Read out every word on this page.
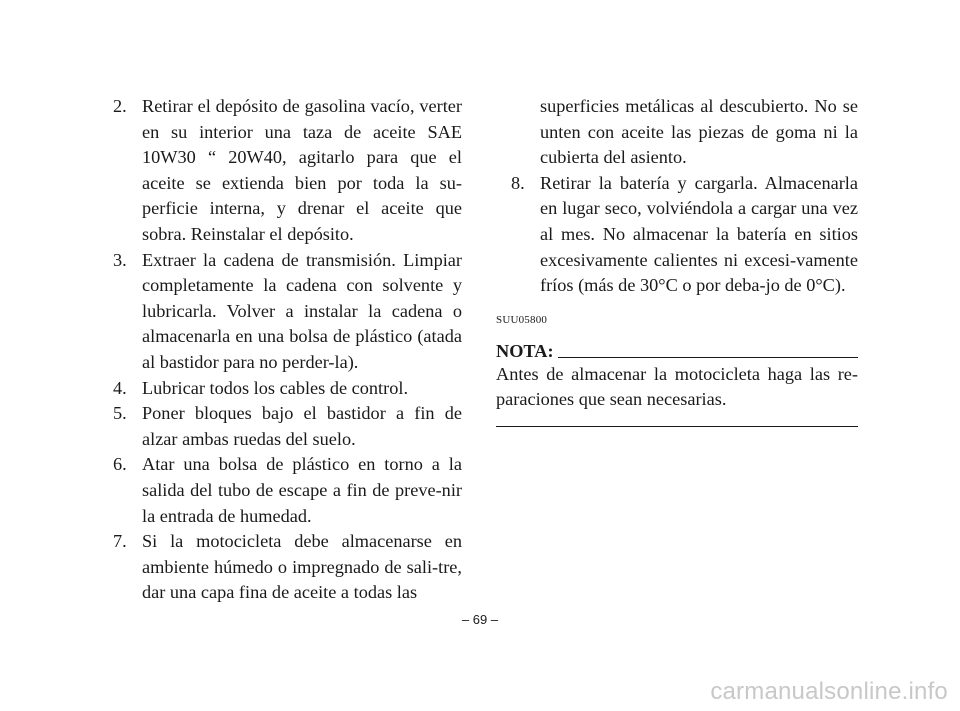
2. Retirar el depósito de gasolina vacío, verter en su interior una taza de aceite SAE 10W30 “ 20W40, agitarlo para que el aceite se extienda bien por toda la su-perficie interna, y drenar el aceite que sobra. Reinstalar el depósito.

3. Extraer la cadena de transmisión. Limpiar completamente la cadena con solvente y lubricarla. Volver a instalar la cadena o almacenarla en una bolsa de plástico (atada al bastidor para no perder-la).

4. Lubricar todos los cables de control.

5. Poner bloques bajo el bastidor a fin de alzar ambas ruedas del suelo.

6. Atar una bolsa de plástico en torno a la salida del tubo de escape a fin de preve-nir la entrada de humedad.

7. Si la motocicleta debe almacenarse en ambiente húmedo o impregnado de sali-tre, dar una capa fina de aceite a todas las

superficies metálicas al descubierto. No se unten con aceite las piezas de goma ni la cubierta del asiento.

8. Retirar la batería y cargarla. Almacenarla en lugar seco, volviéndola a cargar una vez al mes. No almacenar la batería en sitios excesivamente calientes ni excesi-vamente fríos (más de 30°C o por deba-jo de 0°C).

SUU05800
NOTA:

Antes de almacenar la motocicleta haga las re-paraciones que sean necesarias.

– 69 –
carmanualsonline.info
